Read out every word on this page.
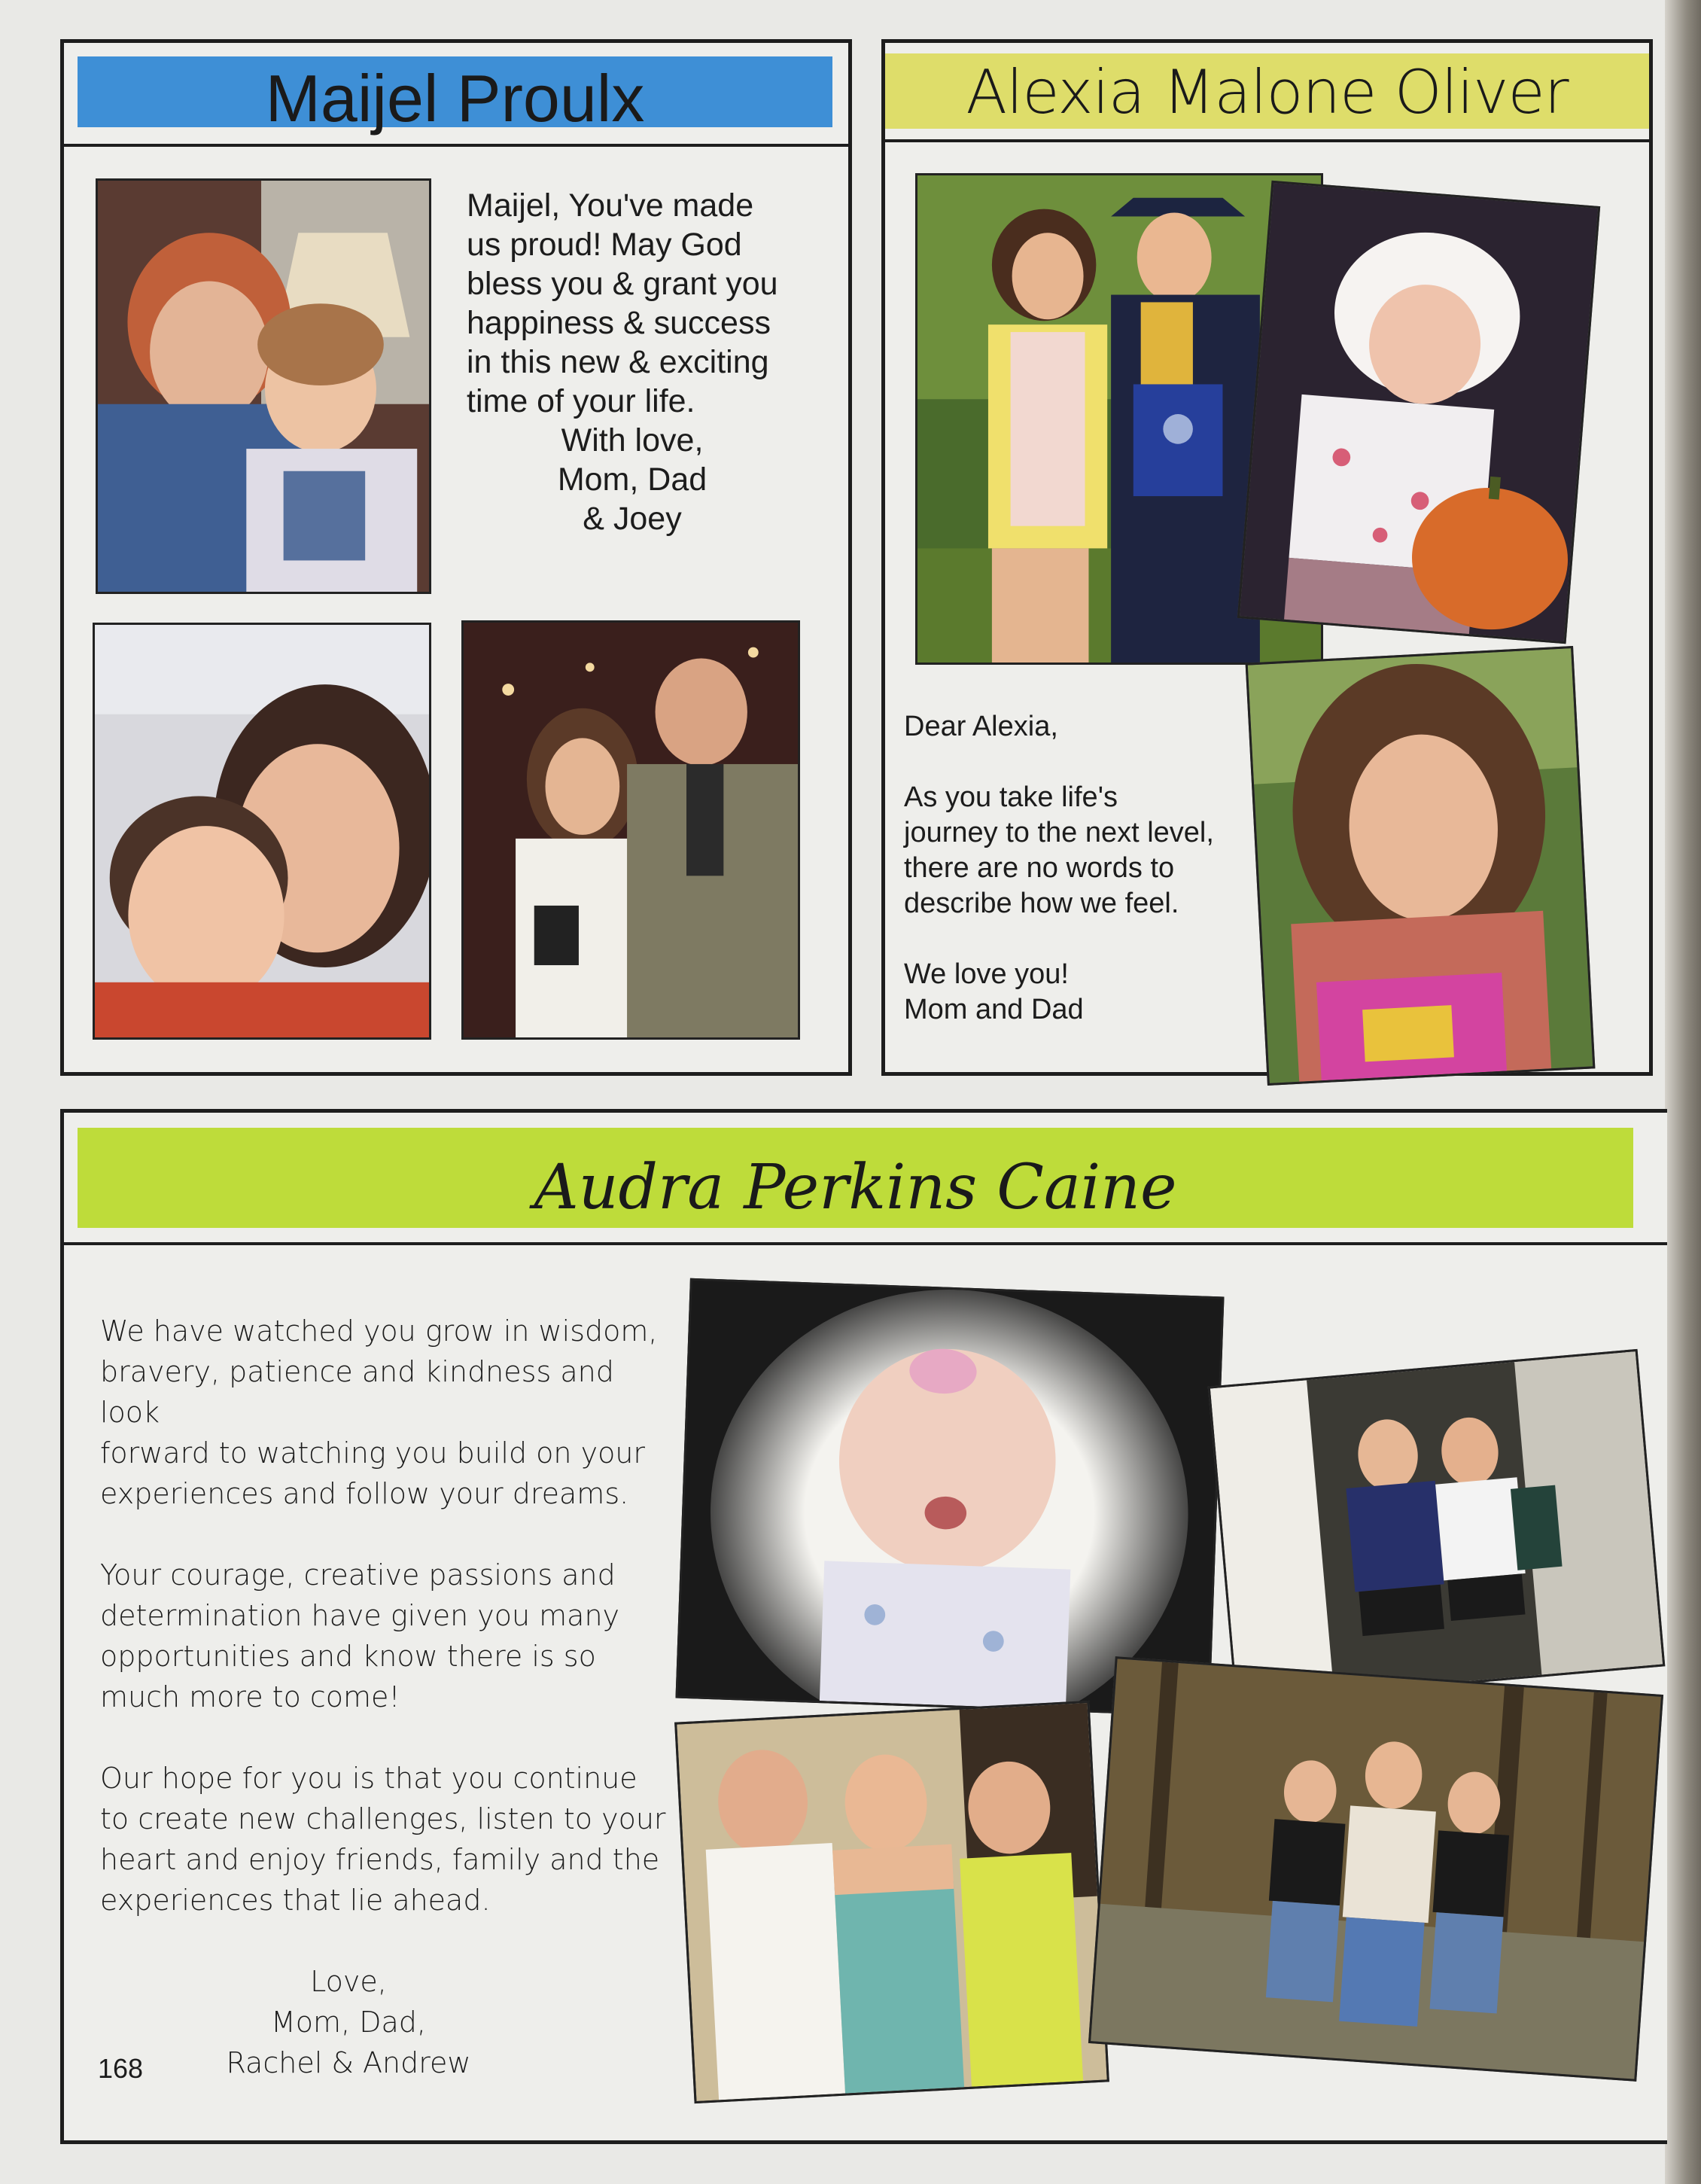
Maijel Proulx

Maijel, You've made

us proud! May God

bless you & grant you

happiness & success

in this new & exciting

time of your life.

With love,

Mom, Dad

& Joey

Alexia Malone Oliver

Dear Alexia,

As you take life's

journey to the next level,

there are no words to

describe how we feel.

We love you!

Mom and Dad

Audra Perkins Caine

We have watched you grow in wisdom,

bravery, patience and kindness and look

forward to watching you build on your

experiences and follow your dreams.

Your courage, creative passions and

determination have given you many

opportunities and know there is so

much more to come!

Our hope for you is that you continue

to create new challenges, listen to your

heart and enjoy friends, family and the

experiences that lie ahead.

Love,

Mom, Dad,

Rachel & Andrew

168
